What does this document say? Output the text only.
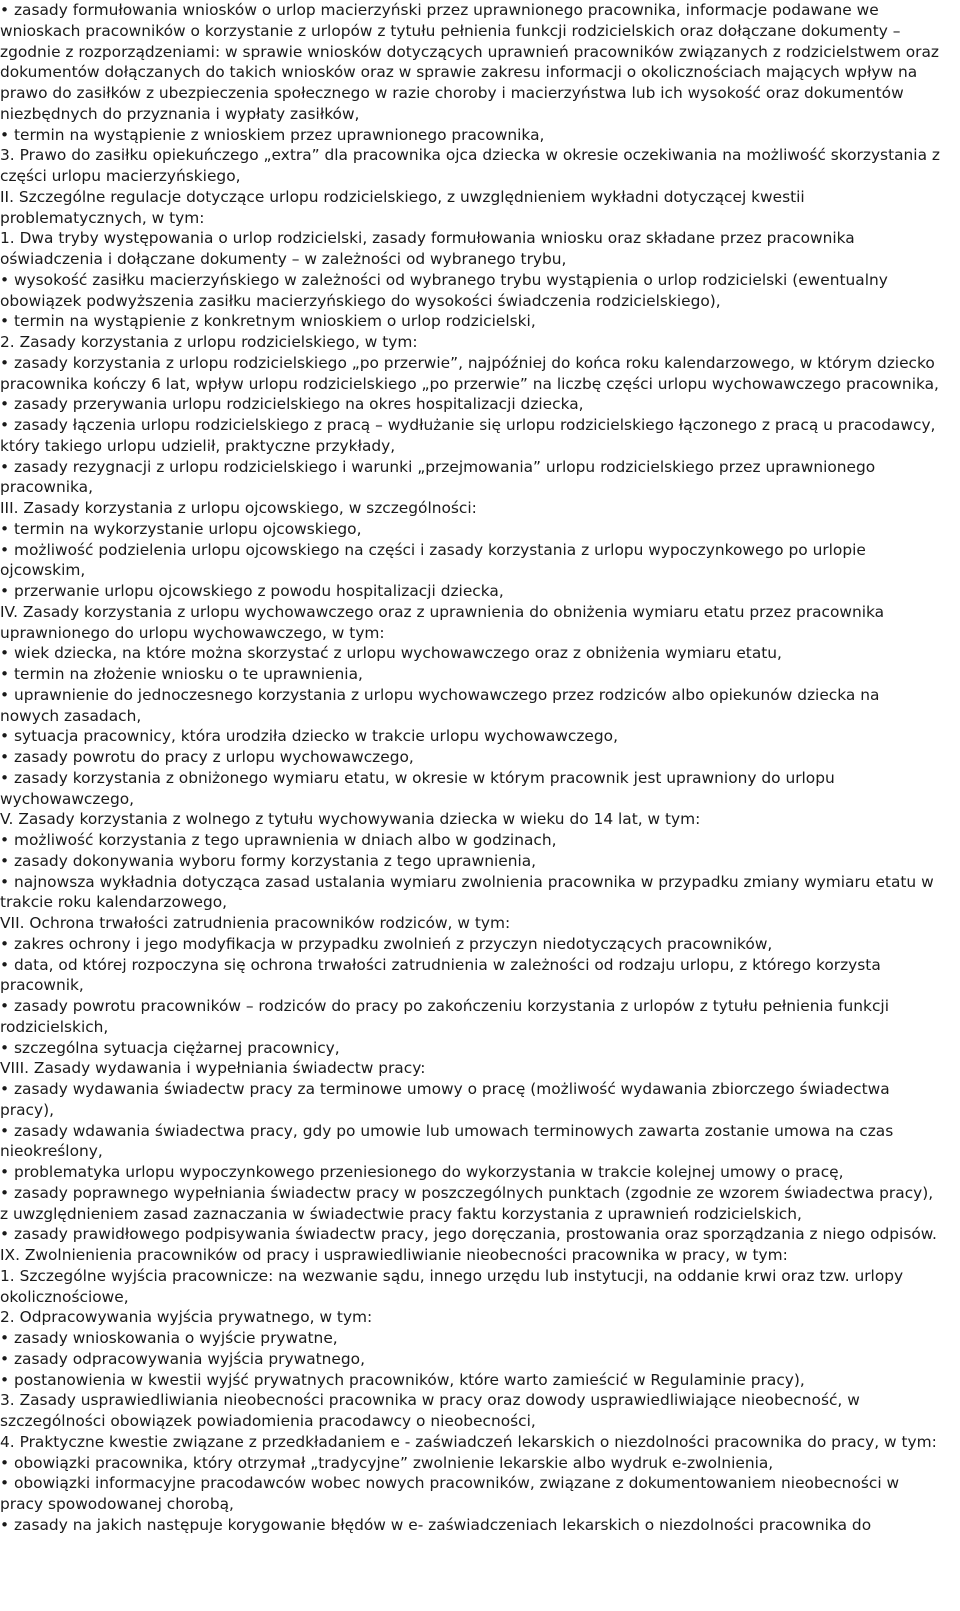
• zasady formułowania wniosków o urlop macierzyński przez uprawnionego pracownika, informacje podawane we wnioskach pracowników o korzystanie z urlopów z tytułu pełnienia funkcji rodzicielskich oraz dołączane dokumenty – zgodnie z rozporządzeniami: w sprawie wniosków dotyczących uprawnień pracowników związanych z rodzicielstwem oraz dokumentów dołączanych do takich wniosków oraz w sprawie zakresu informacji o okolicznościach mających wpływ na prawo do zasiłków z ubezpieczenia społecznego w razie choroby i macierzyństwa lub ich wysokość oraz dokumentów niezbędnych do przyznania i wypłaty zasiłków,

• termin na wystąpienie z wnioskiem przez uprawnionego pracownika,

3. Prawo do zasiłku opiekuńczego „extra” dla pracownika ojca dziecka w okresie oczekiwania na możliwość skorzystania z części urlopu macierzyńskiego,

II. Szczególne regulacje dotyczące urlopu rodzicielskiego, z uwzględnieniem wykładni dotyczącej kwestii problematycznych, w tym:

1. Dwa tryby występowania o urlop rodzicielski, zasady formułowania wniosku oraz składane przez pracownika oświadczenia i dołączane dokumenty – w zależności od wybranego trybu,

• wysokość zasiłku macierzyńskiego w zależności od wybranego trybu wystąpienia o urlop rodzicielski (ewentualny obowiązek podwyższenia zasiłku macierzyńskiego do wysokości świadczenia rodzicielskiego),

• termin na wystąpienie z konkretnym wnioskiem o urlop rodzicielski,

2. Zasady korzystania z urlopu rodzicielskiego, w tym:

• zasady korzystania z urlopu rodzicielskiego „po przerwie”, najpóźniej do końca roku kalendarzowego, w którym dziecko pracownika kończy 6 lat, wpływ urlopu rodzicielskiego „po przerwie” na liczbę części urlopu wychowawczego pracownika,

• zasady przerywania urlopu rodzicielskiego na okres hospitalizacji dziecka,

• zasady łączenia urlopu rodzicielskiego z pracą – wydłużanie się urlopu rodzicielskiego łączonego z pracą u pracodawcy, który takiego urlopu udzielił, praktyczne przykłady,

• zasady rezygnacji z urlopu rodzicielskiego i warunki „przejmowania” urlopu rodzicielskiego przez uprawnionego pracownika,

III. Zasady korzystania z urlopu ojcowskiego, w szczególności:

• termin na wykorzystanie urlopu ojcowskiego,

• możliwość podzielenia urlopu ojcowskiego na części i zasady korzystania z urlopu wypoczynkowego po urlopie ojcowskim,

• przerwanie urlopu ojcowskiego z powodu hospitalizacji dziecka,

IV. Zasady korzystania z urlopu wychowawczego oraz z uprawnienia do obniżenia wymiaru etatu przez pracownika uprawnionego do urlopu wychowawczego, w tym:

• wiek dziecka, na które można skorzystać z urlopu wychowawczego oraz z obniżenia wymiaru etatu,

• termin na złożenie wniosku o te uprawnienia,

• uprawnienie do jednoczesnego korzystania z urlopu wychowawczego przez rodziców albo opiekunów dziecka na nowych zasadach,

• sytuacja pracownicy, która urodziła dziecko w trakcie urlopu wychowawczego,

• zasady powrotu do pracy z urlopu wychowawczego,

• zasady korzystania z obniżonego wymiaru etatu, w okresie w którym pracownik jest uprawniony do urlopu wychowawczego,

V. Zasady korzystania z wolnego z tytułu wychowywania dziecka w wieku do 14 lat, w tym:

• możliwość korzystania z tego uprawnienia w dniach albo w godzinach,

• zasady dokonywania wyboru formy korzystania z tego uprawnienia,

• najnowsza wykładnia dotycząca zasad ustalania wymiaru zwolnienia pracownika w przypadku zmiany wymiaru etatu w trakcie roku kalendarzowego,

VII. Ochrona trwałości zatrudnienia pracowników rodziców, w tym:

• zakres ochrony i jego modyfikacja w przypadku zwolnień z przyczyn niedotyczących pracowników,

• data, od której rozpoczyna się ochrona trwałości zatrudnienia w zależności od rodzaju urlopu, z którego korzysta pracownik,

• zasady powrotu pracowników – rodziców do pracy po zakończeniu korzystania z urlopów z tytułu pełnienia funkcji rodzicielskich,

• szczególna sytuacja ciężarnej pracownicy,

VIII. Zasady wydawania i wypełniania świadectw pracy:

• zasady wydawania świadectw pracy za terminowe umowy o pracę (możliwość wydawania zbiorczego świadectwa pracy),

• zasady wdawania świadectwa pracy, gdy po umowie lub umowach terminowych zawarta zostanie umowa na czas nieokreślony,

• problematyka urlopu wypoczynkowego przeniesionego do wykorzystania w trakcie kolejnej umowy o pracę,

• zasady poprawnego wypełniania świadectw pracy w poszczególnych punktach (zgodnie ze wzorem świadectwa pracy), z uwzględnieniem zasad zaznaczania w świadectwie pracy faktu korzystania z uprawnień rodzicielskich,

• zasady prawidłowego podpisywania świadectw pracy, jego doręczania, prostowania oraz sporządzania z niego odpisów.

IX. Zwolnienienia pracowników od pracy i usprawiedliwianie nieobecności pracownika w pracy, w tym:

1. Szczególne wyjścia pracownicze: na wezwanie sądu, innego urzędu lub instytucji, na oddanie krwi oraz tzw. urlopy okolicznościowe,

2. Odpracowywania wyjścia prywatnego, w tym:

• zasady wnioskowania o wyjście prywatne,

• zasady odpracowywania wyjścia prywatnego,

• postanowienia w kwestii wyjść prywatnych pracowników, które warto zamieścić w Regulaminie pracy),

3. Zasady usprawiedliwiania nieobecności pracownika w pracy oraz dowody usprawiedliwiające nieobecność, w szczególności obowiązek powiadomienia pracodawcy o nieobecności,

4. Praktyczne kwestie związane z przedkładaniem e - zaświadczeń lekarskich o niezdolności pracownika do pracy, w tym:

• obowiązki pracownika, który otrzymał „tradycyjne” zwolnienie lekarskie albo wydruk e-zwolnienia,

• obowiązki informacyjne pracodawców wobec nowych pracowników, związane z dokumentowaniem nieobecności w pracy spowodowanej chorobą,

• zasady na jakich następuje korygowanie błędów w e- zaświadczeniach lekarskich o niezdolności pracownika do
